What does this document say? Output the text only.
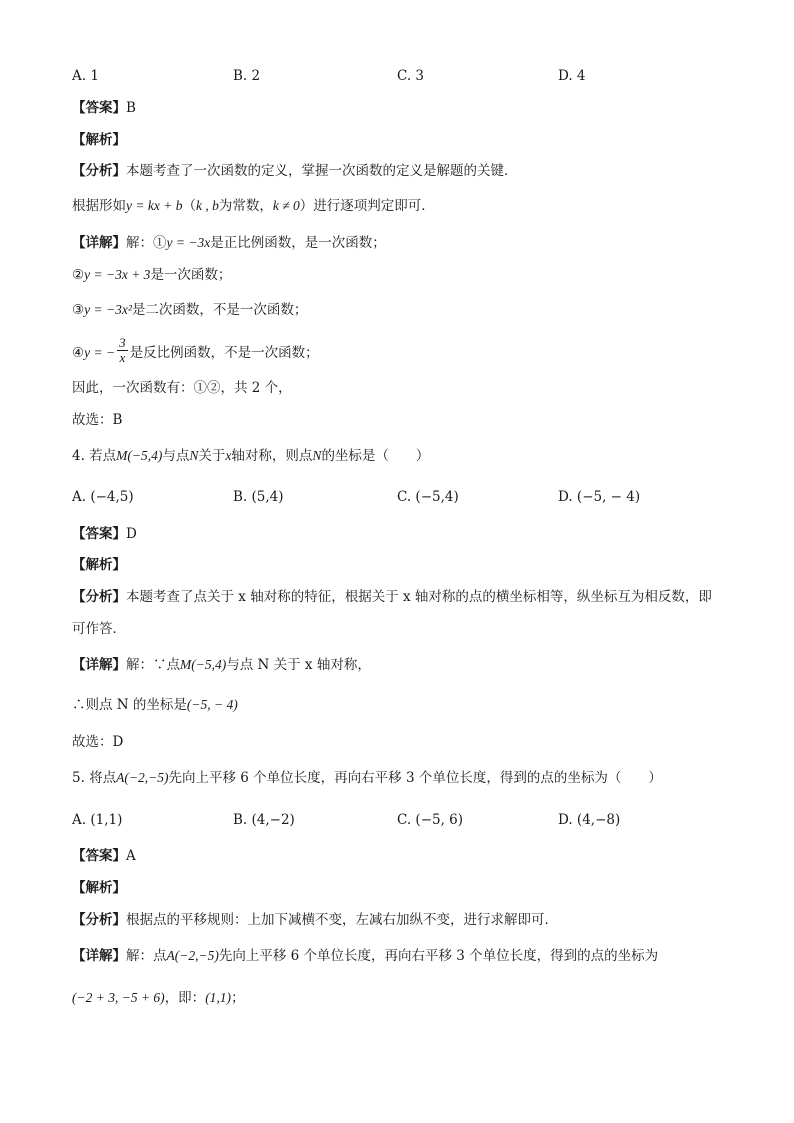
A. 1	B. 2	C. 3	D. 4
【答案】B
【解析】
【分析】本题考查了一次函数的定义，掌握一次函数的定义是解题的关键．
根据形如y = kx + b（k , b为常数，k ≠ 0）进行逐项判定即可．
【详解】解：①y = −3x是正比例函数，是一次函数；
②y = −3x + 3是一次函数；
③y = −3x²是二次函数，不是一次函数；
④y = − $\frac{3}{x}$ 是反比例函数，不是一次函数；
因此，一次函数有：①②，共 2 个，
故选：B
4. 若点M(−5,4)与点N关于x轴对称，则点N的坐标是（　　）
A. (−4,5)	B. (5,4)	C. (−5,4)	D. (−5, − 4)
【答案】D
【解析】
【分析】本题考查了点关于 x 轴对称的特征，根据关于 x 轴对称的点的横坐标相等，纵坐标互为相反数，即
可作答．
【详解】解：∵点M(−5,4)与点 N 关于 x 轴对称，
∴则点 N 的坐标是(−5, − 4)
故选：D
5. 将点A(−2,−5)先向上平移 6 个单位长度，再向右平移 3 个单位长度，得到的点的坐标为（　　）
A. (1,1)	B. (4,−2)	C. (−5, 6)	D. (4,−8)
【答案】A
【解析】
【分析】根据点的平移规则：上加下减横不变，左减右加纵不变，进行求解即可．
【详解】解：点A(−2,−5)先向上平移 6 个单位长度，再向右平移 3 个单位长度，得到的点的坐标为
(−2 + 3, −5 + 6)，即：(1,1)；
